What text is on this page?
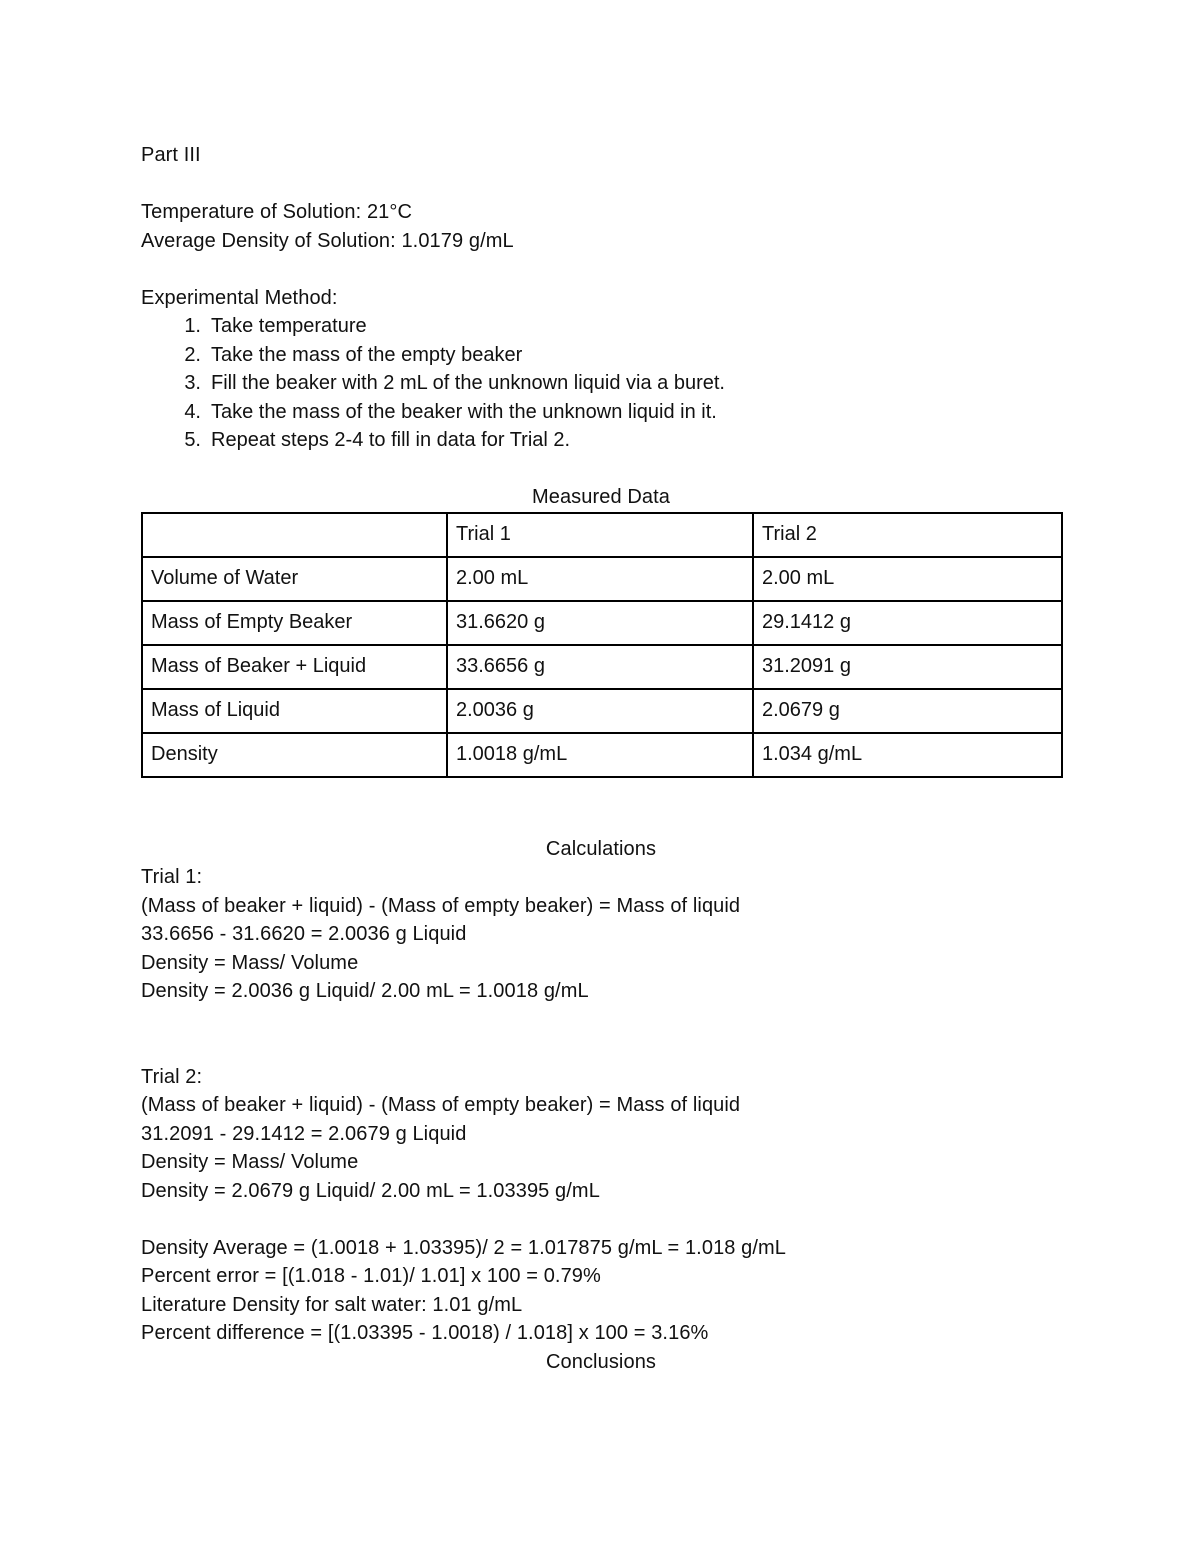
Part III
Temperature of Solution: 21°C
Average Density of Solution: 1.0179 g/mL
Experimental Method:
1. Take temperature
2. Take the mass of the empty beaker
3. Fill the beaker with 2 mL of the unknown liquid via a buret.
4. Take the mass of the beaker with the unknown liquid in it.
5. Repeat steps 2-4 to fill in data for Trial 2.
Measured Data
	Trial 1	Trial 2
Volume of Water	2.00 mL	2.00 mL
Mass of Empty Beaker	31.6620 g	29.1412 g
Mass of Beaker + Liquid	33.6656 g	31.2091 g
Mass of Liquid	2.0036 g	2.0679 g
Density	1.0018 g/mL	1.034 g/mL
Calculations
Trial 1:
(Mass of beaker + liquid) - (Mass of empty beaker) = Mass of liquid
33.6656 - 31.6620 = 2.0036 g Liquid
Density = Mass/ Volume
Density = 2.0036 g Liquid/ 2.00 mL = 1.0018 g/mL
Trial 2:
(Mass of beaker + liquid) - (Mass of empty beaker) = Mass of liquid
31.2091 - 29.1412 = 2.0679 g Liquid
Density = Mass/ Volume
Density = 2.0679 g Liquid/ 2.00 mL = 1.03395 g/mL
Density Average = (1.0018 + 1.03395)/ 2 = 1.017875 g/mL = 1.018 g/mL
Percent error = [(1.018 - 1.01)/ 1.01] x 100 = 0.79%
Literature Density for salt water: 1.01 g/mL
Percent difference = [(1.03395 - 1.0018) / 1.018] x 100 = 3.16%
Conclusions
